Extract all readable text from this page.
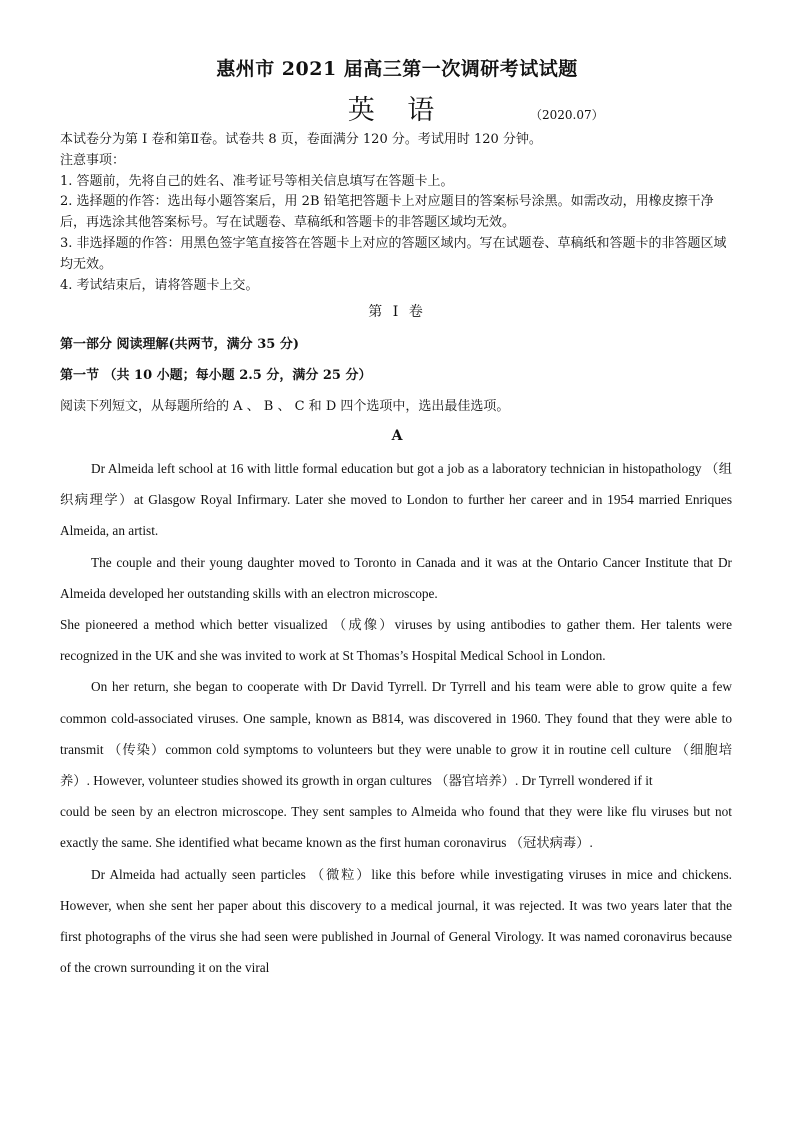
惠州市 2021 届高三第一次调研考试试题
英 语	（2020.07）

本试卷分为第 I 卷和第Ⅱ卷。试卷共 8 页，卷面满分 120 分。考试用时 120 分钟。

注意事项：

1. 答题前，先将自己的姓名、准考证号等相关信息填写在答题卡上。

2. 选择题的作答：选出每小题答案后，用 2B 铅笔把答题卡上对应题目的答案标号涂黑。如需改动，用橡皮擦干净后，再选涂其他答案标号。写在试题卷、草稿纸和答题卡的非答题区域均无效。

3. 非选择题的作答：用黑色签字笔直接答在答题卡上对应的答题区域内。写在试题卷、草稿纸和答题卡的非答题区域均无效。

4. 考试结束后，请将答题卡上交。

第 I 卷
第一部分 阅读理解(共两节，满分 35 分)
第一节 （共 10 小题；每小题 2.5 分，满分 25 分）
阅读下列短文，从每题所给的 A 、 B 、 C 和 D 四个选项中，选出最佳选项。
A

Dr Almeida left school at 16 with little formal education but got a job as a laboratory technician in histopathology （组织病理学）at Glasgow Royal Infirmary. Later she moved to London to further her career and in 1954 married Enriques Almeida, an artist.

The couple and their young daughter moved to Toronto in Canada and it was at the Ontario Cancer Institute that Dr Almeida developed her outstanding skills with an electron microscope.

She pioneered a method which better visualized （成像）viruses by using antibodies to gather them. Her talents were recognized in the UK and she was invited to work at St Thomas’s Hospital Medical School in London.

On her return, she began to cooperate with Dr David Tyrrell. Dr Tyrrell and his team were able to grow quite a few common cold-associated viruses. One sample, known as B814, was discovered in 1960. They found that they were able to transmit （传染）common cold symptoms to volunteers but they were unable to grow it in routine cell culture （细胞培养）. However, volunteer studies showed its growth in organ cultures （器官培养）. Dr Tyrrell wondered if it

could be seen by an electron microscope. They sent samples to Almeida who found that they were like flu viruses but not exactly the same. She identified what became known as the first human coronavirus （冠状病毒）.

Dr Almeida had actually seen particles （微粒）like this before while investigating viruses in mice and chickens. However, when she sent her paper about this discovery to a medical journal, it was rejected. It was two years later that the first photographs of the virus she had seen were published in Journal of General Virology. It was named coronavirus because of the crown surrounding it on the viral
